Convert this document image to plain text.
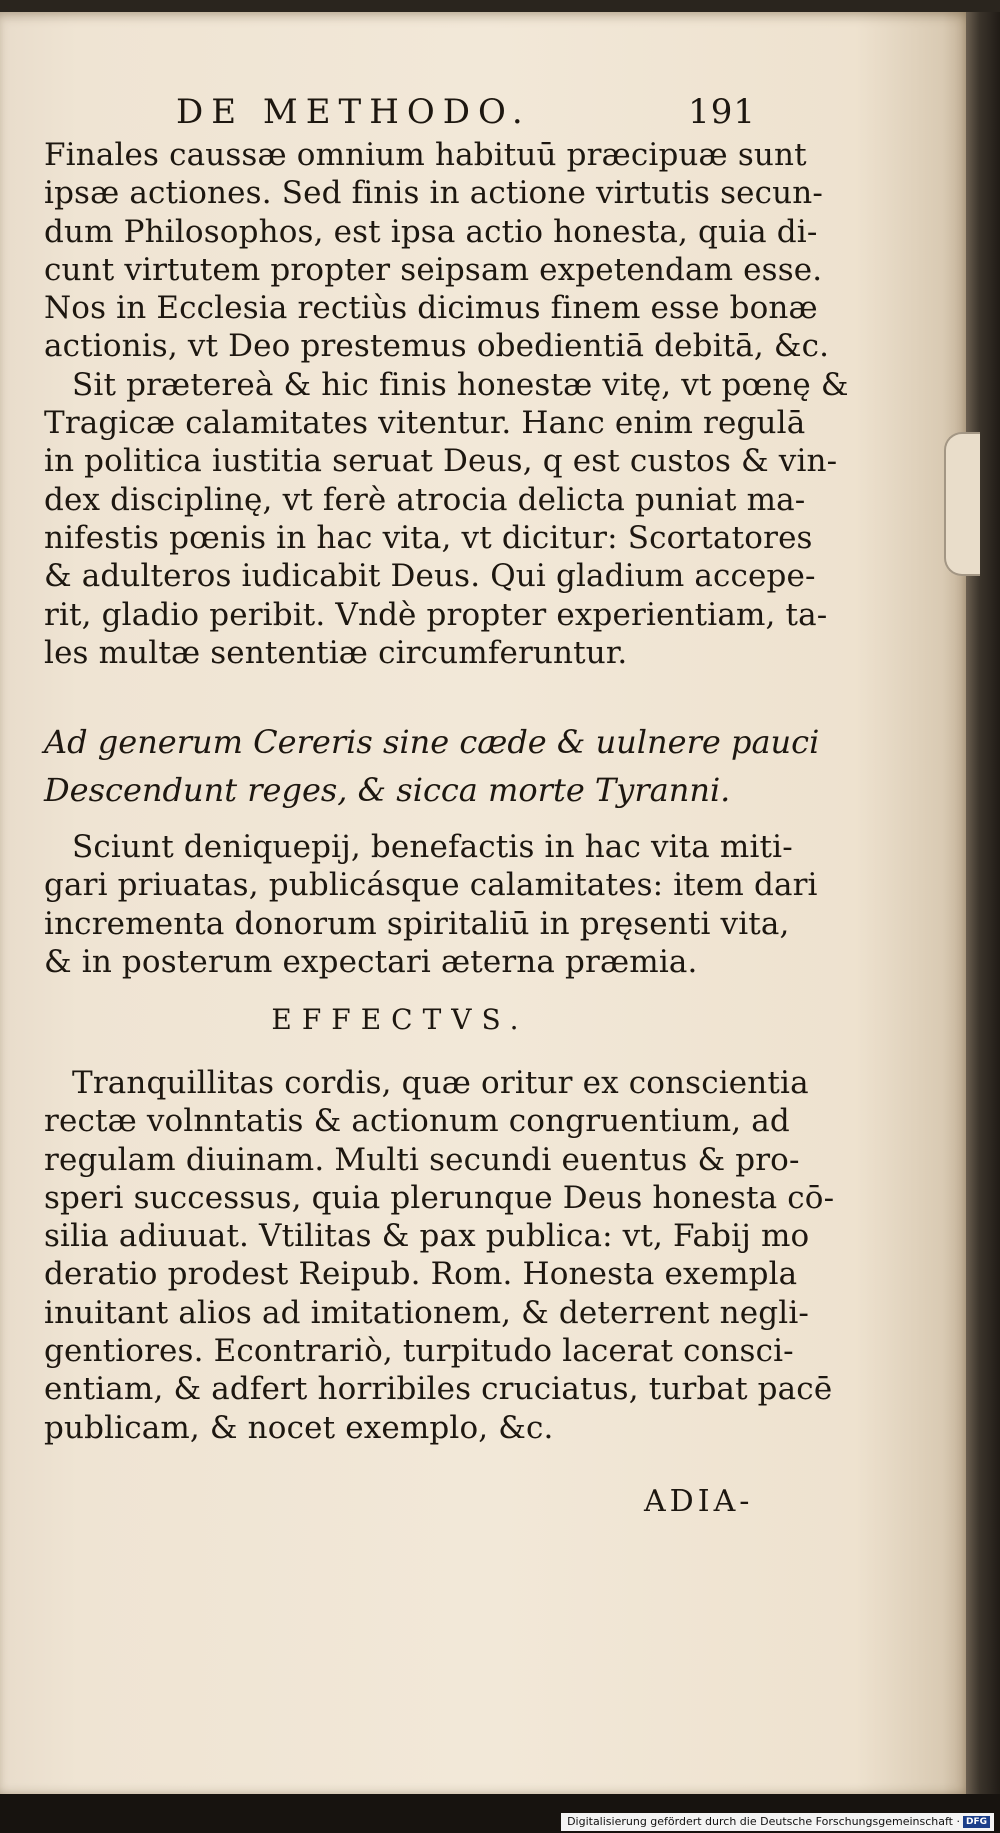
DE METHODO.	191
Finales caussæ omnium habituū præcipuæ sunt
ipsæ actiones. Sed finis in actione virtutis secun-
dum Philosophos, est ipsa actio honesta, quia di-
cunt virtutem propter seipsam expetendam esse.
Nos in Ecclesia rectiùs dicimus finem esse bonæ
actionis, vt Deo prestemus obedientiā debitā, &c.
Sit prætereà & hic finis honestæ vitę, vt pœnę &
Tragicæ calamitates vitentur. Hanc enim regulā
in politica iustitia seruat Deus, q est custos & vin-
dex disciplinę, vt ferè atrocia delicta puniat ma-
nifestis pœnis in hac vita, vt dicitur: Scortatores
& adulteros iudicabit Deus. Qui gladium accepe-
rit, gladio peribit. Vndè propter experientiam, ta-
les multæ sententiæ circumferuntur.
Ad generum Cereris sine cæde & uulnere pauci
Descendunt reges, & sicca morte Tyranni.
Sciunt deniquepij, benefactis in hac vita miti-
gari priuatas, publicásque calamitates: item dari
incrementa donorum spiritaliū in pręsenti vita,
& in posterum expectari æterna præmia.
EFFECTVS.
Tranquillitas cordis, quæ oritur ex conscientia
rectæ volnntatis & actionum congruentium, ad
regulam diuinam. Multi secundi euentus & pro-
speri successus, quia plerunque Deus honesta cō-
silia adiuuat. Vtilitas & pax publica: vt, Fabij mo
deratio prodest Reipub. Rom. Honesta exempla
inuitant alios ad imitationem, & deterrent negli-
gentiores. Econtrariò, turpitudo lacerat consci-
entiam, & adfert horribiles cruciatus, turbat pacē
publicam, & nocet exemplo, &c.
ADIA-
Digitalisierung gefördert durch die Deutsche Forschungsgemeinschaft · DFG
